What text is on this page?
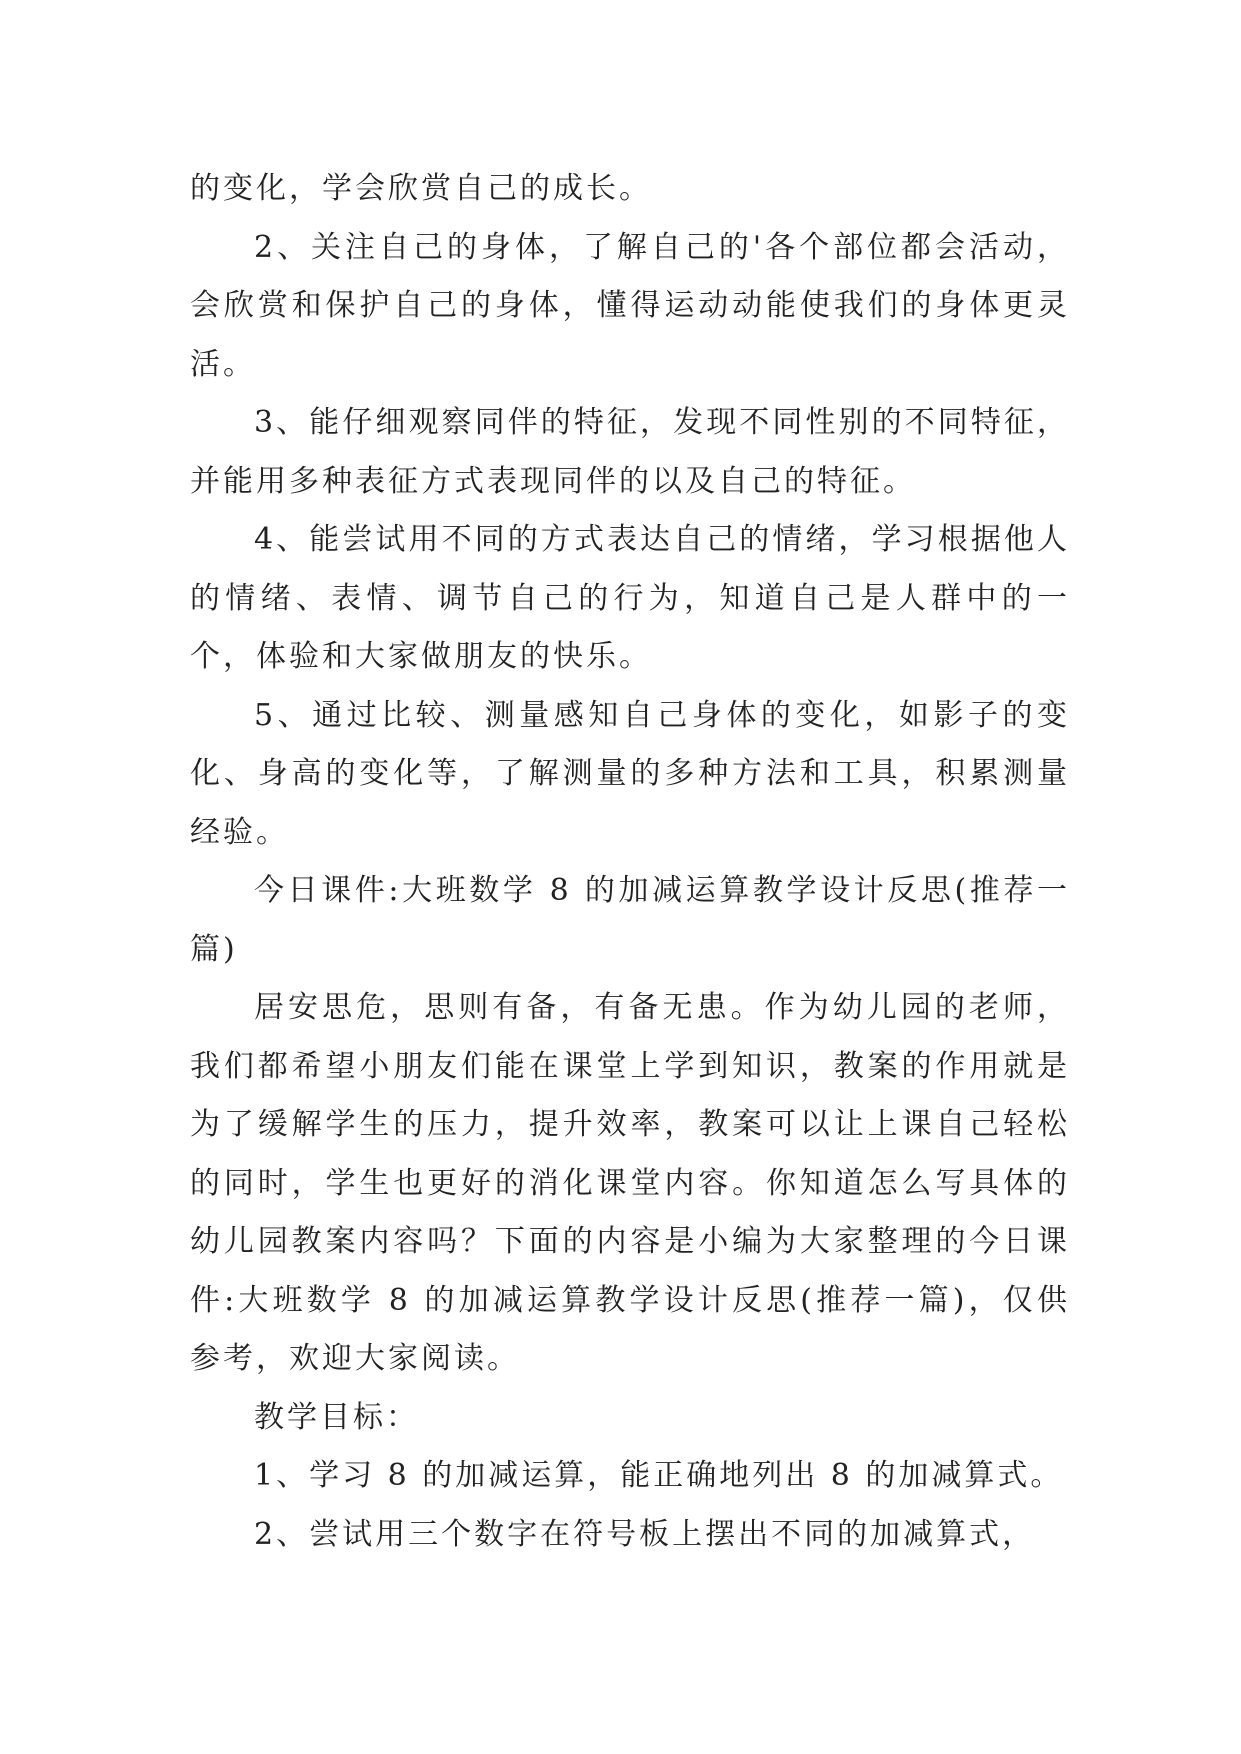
的变化，学会欣赏自己的成长。

2、关注自己的身体，了解自己的'各个部位都会活动，会欣赏和保护自己的身体，懂得运动动能使我们的身体更灵活。

3、能仔细观察同伴的特征，发现不同性别的不同特征，并能用多种表征方式表现同伴的以及自己的特征。

4、能尝试用不同的方式表达自己的情绪，学习根据他人的情绪、表情、调节自己的行为，知道自己是人群中的一个，体验和大家做朋友的快乐。

5、通过比较、测量感知自己身体的变化，如影子的变化、身高的变化等，了解测量的多种方法和工具，积累测量经验。

今日课件:大班数学 8 的加减运算教学设计反思(推荐一篇)

居安思危，思则有备，有备无患。作为幼儿园的老师，我们都希望小朋友们能在课堂上学到知识，教案的作用就是为了缓解学生的压力，提升效率，教案可以让上课自己轻松的同时，学生也更好的消化课堂内容。你知道怎么写具体的幼儿园教案内容吗？下面的内容是小编为大家整理的今日课件:大班数学 8 的加减运算教学设计反思(推荐一篇)，仅供参考，欢迎大家阅读。

教学目标：

1、学习 8 的加减运算，能正确地列出 8 的加减算式。

2、尝试用三个数字在符号板上摆出不同的加减算式，
